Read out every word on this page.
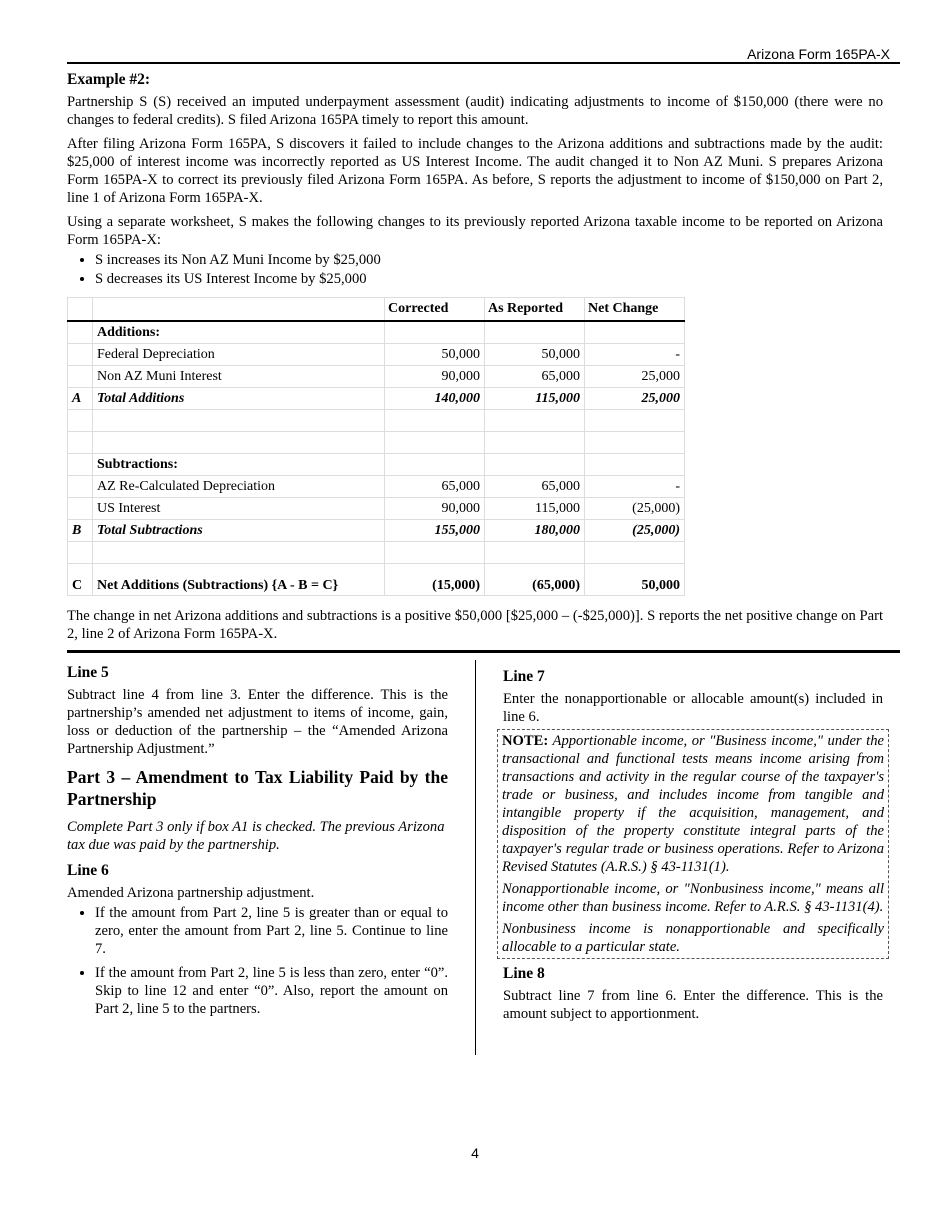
Arizona Form 165PA-X
Example #2:

Partnership S (S) received an imputed underpayment assessment (audit) indicating adjustments to income of $150,000 (there were no changes to federal credits). S filed Arizona 165PA timely to report this amount.

After filing Arizona Form 165PA, S discovers it failed to include changes to the Arizona additions and subtractions made by the audit: $25,000 of interest income was incorrectly reported as US Interest Income. The audit changed it to Non AZ Muni. S prepares Arizona Form 165PA-X to correct its previously filed Arizona Form 165PA. As before, S reports the adjustment to income of $150,000 on Part 2, line 1 of Arizona Form 165PA-X.

Using a separate worksheet, S makes the following changes to its previously reported Arizona taxable income to be reported on Arizona Form 165PA-X:

• S increases its Non AZ Muni Income by $25,000
• S decreases its US Interest Income by $25,000
		Corrected	As Reported	Net Change
	Additions:			
	Federal Depreciation	50,000	50,000	-
	Non AZ Muni Interest	90,000	65,000	25,000
A	Total Additions	140,000	115,000	25,000

	Subtractions:			
	AZ Re-Calculated Depreciation	65,000	65,000	-
	US Interest	90,000	115,000	(25,000)
B	Total Subtractions	155,000	180,000	(25,000)

C	Net Additions (Subtractions) {A - B = C}	(15,000)	(65,000)	50,000
The change in net Arizona additions and subtractions is a positive $50,000 [$25,000 – (-$25,000)]. S reports the net positive change on Part 2, line 2 of Arizona Form 165PA-X.
Line 5

Subtract line 4 from line 3. Enter the difference. This is the partnership’s amended net adjustment to items of income, gain, loss or deduction of the partnership – the “Amended Arizona Partnership Adjustment.”

Part 3 – Amendment to Tax Liability Paid by the Partnership

Complete Part 3 only if box A1 is checked. The previous Arizona tax due was paid by the partnership.

Line 6

Amended Arizona partnership adjustment.

• If the amount from Part 2, line 5 is greater than or equal to zero, enter the amount from Part 2, line 5. Continue to line 7.
• If the amount from Part 2, line 5 is less than zero, enter “0”. Skip to line 12 and enter “0”. Also, report the amount on Part 2, line 5 to the partners.
Line 7

Enter the nonapportionable or allocable amount(s) included in line 6.

NOTE: Apportionable income, or "Business income," under the transactional and functional tests means income arising from transactions and activity in the regular course of the taxpayer's trade or business, and includes income from tangible and intangible property if the acquisition, management, and disposition of the property constitute integral parts of the taxpayer's regular trade or business operations. Refer to Arizona Revised Statutes (A.R.S.) § 43-1131(1).

Nonapportionable income, or "Nonbusiness income," means all income other than business income. Refer to A.R.S. § 43-1131(4).

Nonbusiness income is nonapportionable and specifically allocable to a particular state.

Line 8

Subtract line 7 from line 6. Enter the difference. This is the amount subject to apportionment.

4
